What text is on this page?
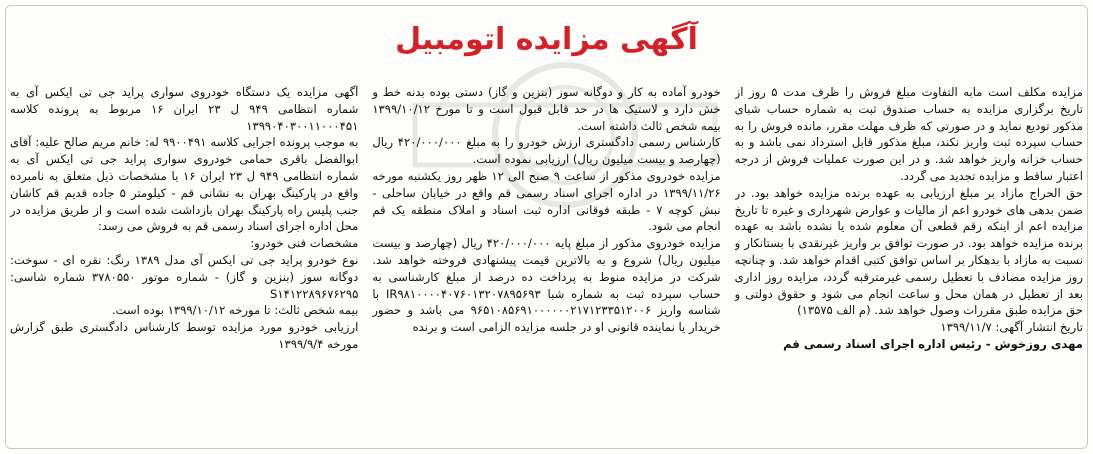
آگهی مزایده اتومبیل

آگهی مزایده یک دستگاه خودروی سواری پراید جی تی ایکس آی به شماره انتظامی ۹۴۹ ل ۲۳ ایران ۱۶ مربوط به پرونده کلاسه ۱۳۹۹۰۴۰۳۰۰۱۱۰۰۰۴۵۱

به موجب پرونده اجرایی کلاسه ۹۹۰۰۴۹۱ له: خانم مریم صالح علیه: آقای ابوالفضل باقری حمامی خودروی سواری پراید جی تی ایکس آی به شماره انتظامی ۹۴۹ ل ۲۳ ایران ۱۶ با مشخصات ذیل متعلق به نامبرده واقع در پارکینگ بهران به نشانی قم - کیلومتر ۵ جاده قدیم قم کاشان جنب پلیس راه پارکینگ بهران بازداشت شده است و از طریق مزایده در محل اداره اجرای اسناد رسمی قم به فروش می رسد:

مشخصات فنی خودرو:

نوع خودرو پراید جی تی ایکس آی مدل ۱۳۸۹ رنگ: نقره ای - سوخت: دوگانه سوز (بنزین و گاز) - شماره موتور ۳۷۸۰۵۵۰ شماره شاسی: S۱۴۱۲۲۸۹۶۷۶۲۹۵

بیمه شخص ثالث: تا مورخه ۱۳۹۹/۱۰/۱۲ بوده است.

ارزیابی خودرو مورد مزایده توسط کارشناس دادگستری طبق گزارش مورخه ۱۳۹۹/۹/۴

خودرو آماده به کار و دوگانه سوز (بنزین و گاز) دستی بوده بدنه خط و خش دارد و لاستیک ها در حد قابل قبول است و تا مورخ ۱۳۹۹/۱۰/۱۲ بیمه شخص ثالث داشته است.

کارشناس رسمی دادگستری ارزش خودرو را به مبلغ ۴۲۰/۰۰۰/۰۰۰ ریال (چهارصد و بیست میلیون ریال) ارزیابی نموده است.

مزایده خودروی مذکور از ساعت ۹ صبح الی ۱۲ ظهر روز یکشنبه مورخه ۱۳۹۹/۱۱/۲۶ در اداره اجرای اسناد رسمی قم واقع در خیابان ساحلی - نبش کوچه ۷ - طبقه فوقانی اداره ثبت اسناد و املاک منطقه یک قم انجام می شود.

مزایده خودروی مذکور از مبلغ پایه ۴۲۰/۰۰۰/۰۰۰ ریال (چهارصد و بیست میلیون ریال) شروع و به بالاترین قیمت پیشنهادی فروخته خواهد شد. شرکت در مزایده منوط به پرداخت ده درصد از مبلغ کارشناسی به حساب سپرده ثبت به شماره شبا IR۹۸۱۰۰۰۰۴۰۷۶۰۱۳۲۰۷۸۹۵۶۹۳ با شناسه واریز ۹۶۵۱۰۸۵۶۹۱۰۰۰۰۰۰۲۱۷۱۲۳۳۵۱۲۰۰۶ می باشد و حضور خریدار یا نماینده قانونی او در جلسه مزایده الزامی است و برنده

مزایده مکلف است مابه التفاوت مبلغ فروش را ظرف مدت ۵ روز از تاریخ برگزاری مزایده به حساب صندوق ثبت به شماره حساب شبای مذکور تودیع نماید و در صورتی که ظرف مهلت مقرر، مانده فروش را به حساب سپرده ثبت واریز نکند، مبلغ مذکور قابل استرداد نمی باشد و به حساب خزانه واریز خواهد شد. و در این صورت عملیات فروش از درجه اعتبار ساقط و مزایده تجدید می گردد.

حق الحراج مازاد بر مبلغ ارزیابی به عهده برنده مزایده خواهد بود. در ضمن بدهی های خودرو اعم از مالیات و عوارض شهرداری و غیره تا تاریخ مزایده اعم از اینکه رقم قطعی آن معلوم شده یا نشده باشد به عهده برنده مزایده خواهد بود. در صورت توافق بر واریز غیرنقدی با بستانکار و نسبت به مازاد با بدهکار بر اساس توافق کتبی اقدام خواهد شد. و چنانچه روز مزایده مصادف با تعطیل رسمی غیرمترقبه گردد، مزایده روز اداری بعد از تعطیل در همان محل و ساعت انجام می شود و حقوق دولتی و حق مزایده طبق مقررات وصول خواهد شد. (م الف ۱۳۵۷۵)

تاریخ انتشار آگهی: ۱۳۹۹/۱۱/۷

مهدی روزخوش - رئیس اداره اجرای اسناد رسمی قم
